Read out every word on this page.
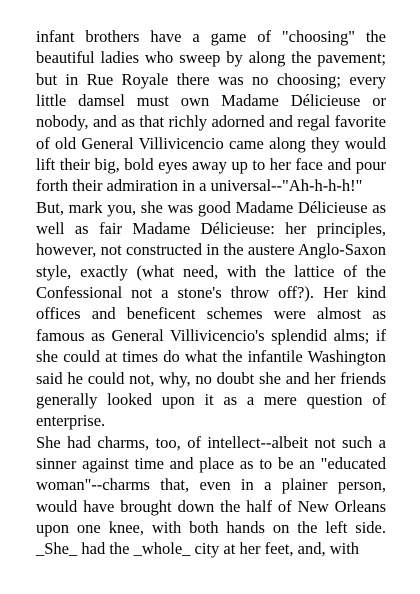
infant brothers have a game of "choosing" the beautiful ladies who sweep by along the pavement; but in Rue Royale there was no choosing; every little damsel must own Madame Délicieuse or nobody, and as that richly adorned and regal favorite of old General Villivicencio came along they would lift their big, bold eyes away up to her face and pour forth their admiration in a universal--"Ah-h-h-h!"

But, mark you, she was good Madame Délicieuse as well as fair Madame Délicieuse: her principles, however, not constructed in the austere Anglo-Saxon style, exactly (what need, with the lattice of the Confessional not a stone's throw off?). Her kind offices and beneficent schemes were almost as famous as General Villivicencio's splendid alms; if she could at times do what the infantile Washington said he could not, why, no doubt she and her friends generally looked upon it as a mere question of enterprise.

She had charms, too, of intellect--albeit not such a sinner against time and place as to be an "educated woman"--charms that, even in a plainer person, would have brought down the half of New Orleans upon one knee, with both hands on the left side. _She_ had the _whole_ city at her feet, and, with
